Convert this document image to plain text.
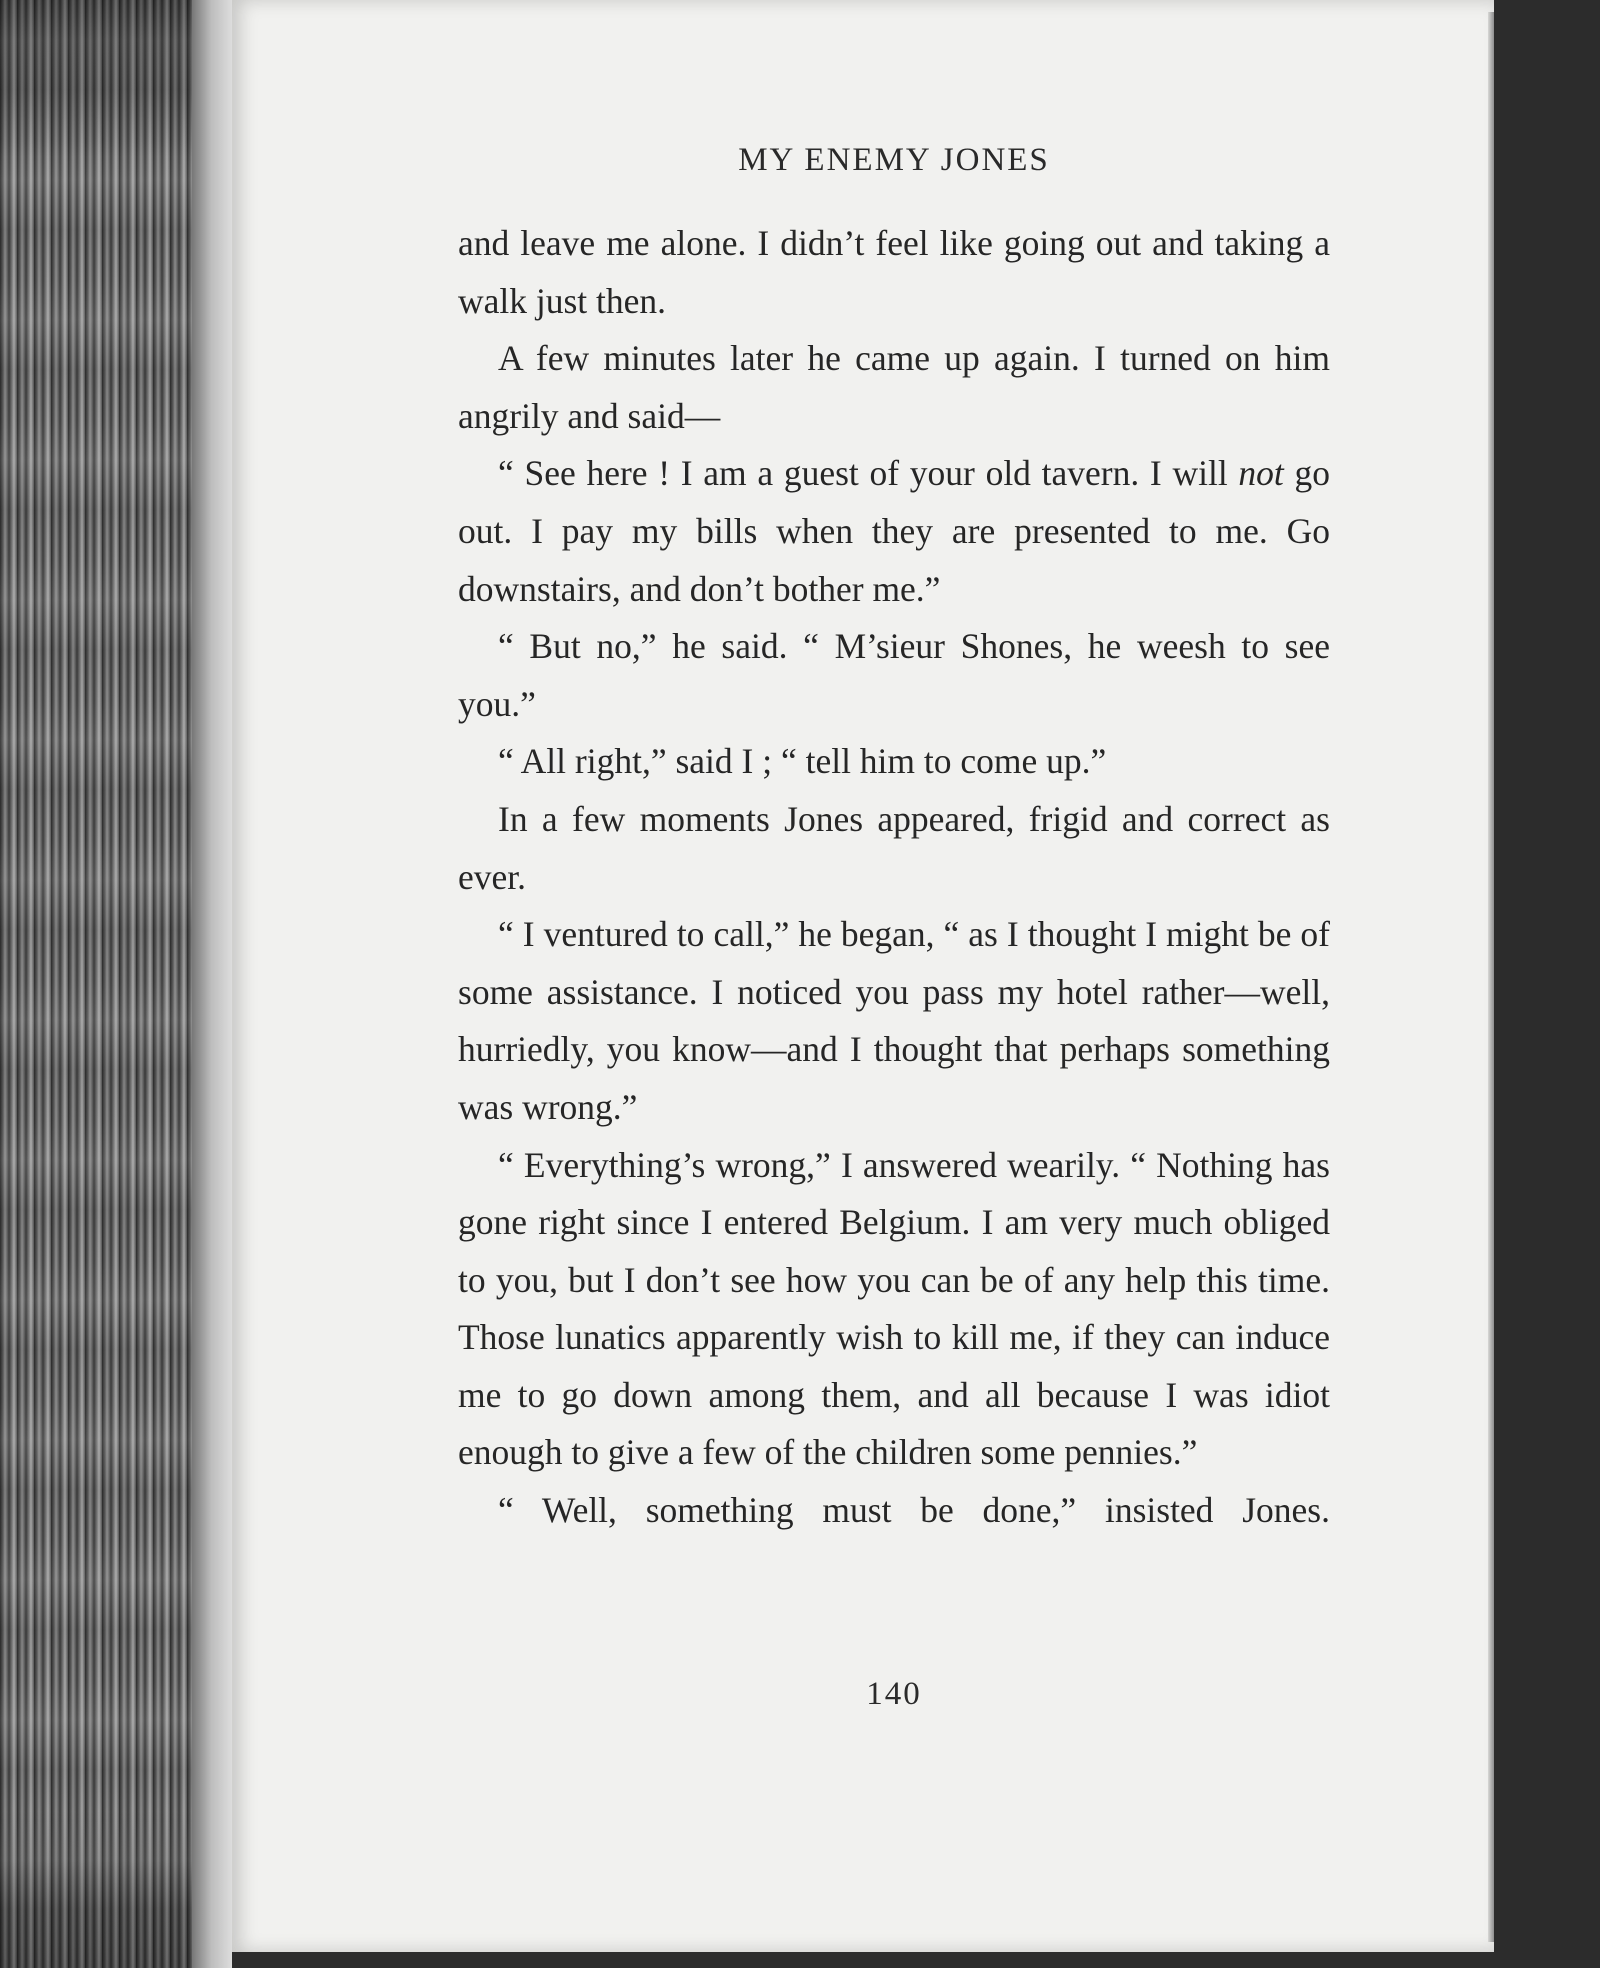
MY ENEMY JONES

and leave me alone. I didn’t feel like going out and taking a walk just then.

A few minutes later he came up again. I turned on him angrily and said—

“ See here ! I am a guest of your old tavern. I will not go out. I pay my bills when they are presented to me. Go downstairs, and don’t bother me.”

“ But no,” he said. “ M’sieur Shones, he weesh to see you.”

“ All right,” said I ; “ tell him to come up.”

In a few moments Jones appeared, frigid and correct as ever.

“ I ventured to call,” he began, “ as I thought I might be of some assistance. I noticed you pass my hotel rather—well, hurriedly, you know—and I thought that perhaps something was wrong.”

“ Everything’s wrong,” I answered wearily. “ Nothing has gone right since I entered Belgium. I am very much obliged to you, but I don’t see how you can be of any help this time. Those lunatics apparently wish to kill me, if they can induce me to go down among them, and all because I was idiot enough to give a few of the children some pennies.”

“ Well, something must be done,” insisted Jones.

140
